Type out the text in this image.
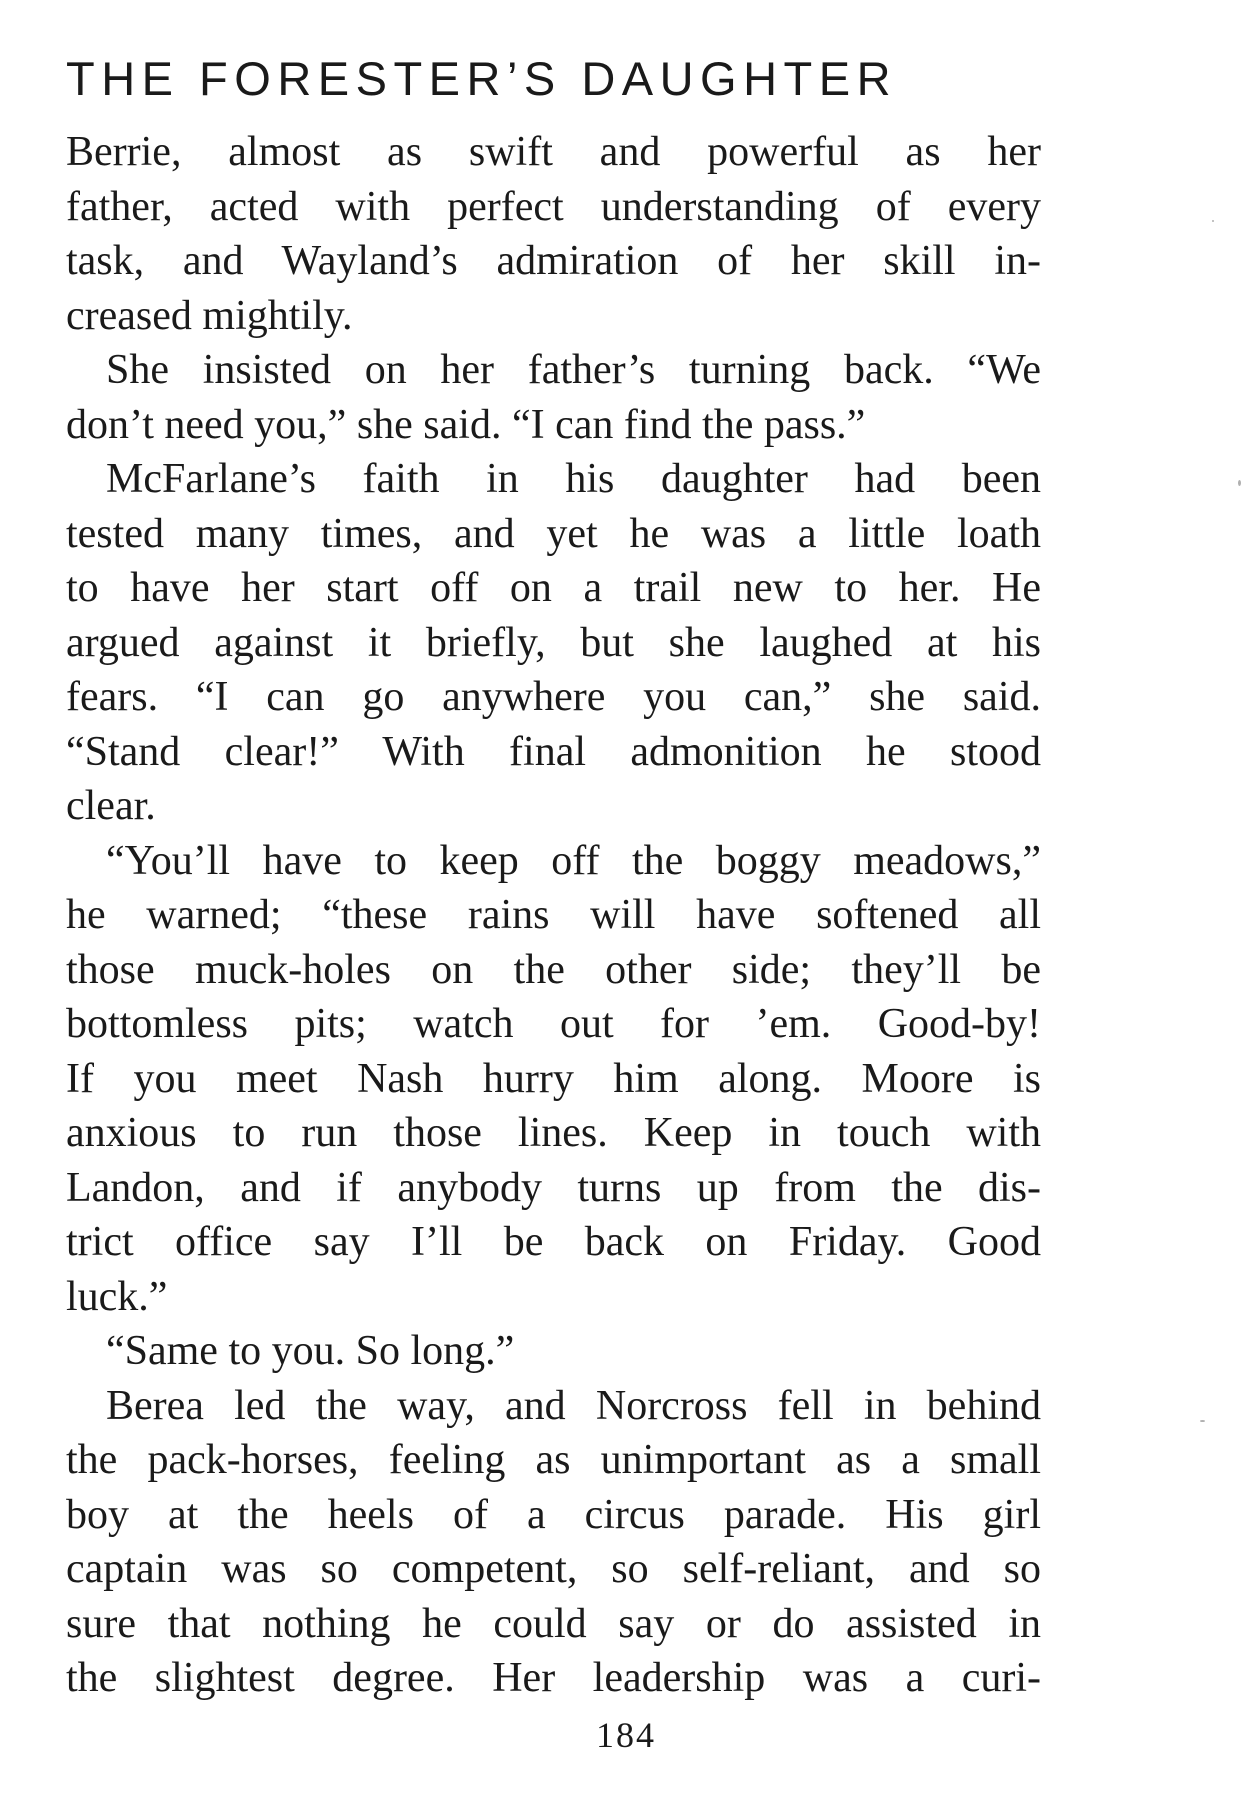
THE FORESTER’S DAUGHTER
Berrie, almost as swift and powerful as her
father, acted with perfect understanding of every
task, and Wayland’s admiration of her skill in-
creased mightily.
She insisted on her father’s turning back. “We
don’t need you,” she said. “I can find the pass.”
McFarlane’s faith in his daughter had been
tested many times, and yet he was a little loath
to have her start off on a trail new to her. He
argued against it briefly, but she laughed at his
fears. “I can go anywhere you can,” she said.
“Stand clear!” With final admonition he stood
clear.
“You’ll have to keep off the boggy meadows,”
he warned; “these rains will have softened all
those muck-holes on the other side; they’ll be
bottomless pits; watch out for ’em. Good-by!
If you meet Nash hurry him along. Moore is
anxious to run those lines. Keep in touch with
Landon, and if anybody turns up from the dis-
trict office say I’ll be back on Friday. Good
luck.”
“Same to you. So long.”
Berea led the way, and Norcross fell in behind
the pack-horses, feeling as unimportant as a small
boy at the heels of a circus parade. His girl
captain was so competent, so self-reliant, and so
sure that nothing he could say or do assisted in
the slightest degree. Her leadership was a curi-
184
